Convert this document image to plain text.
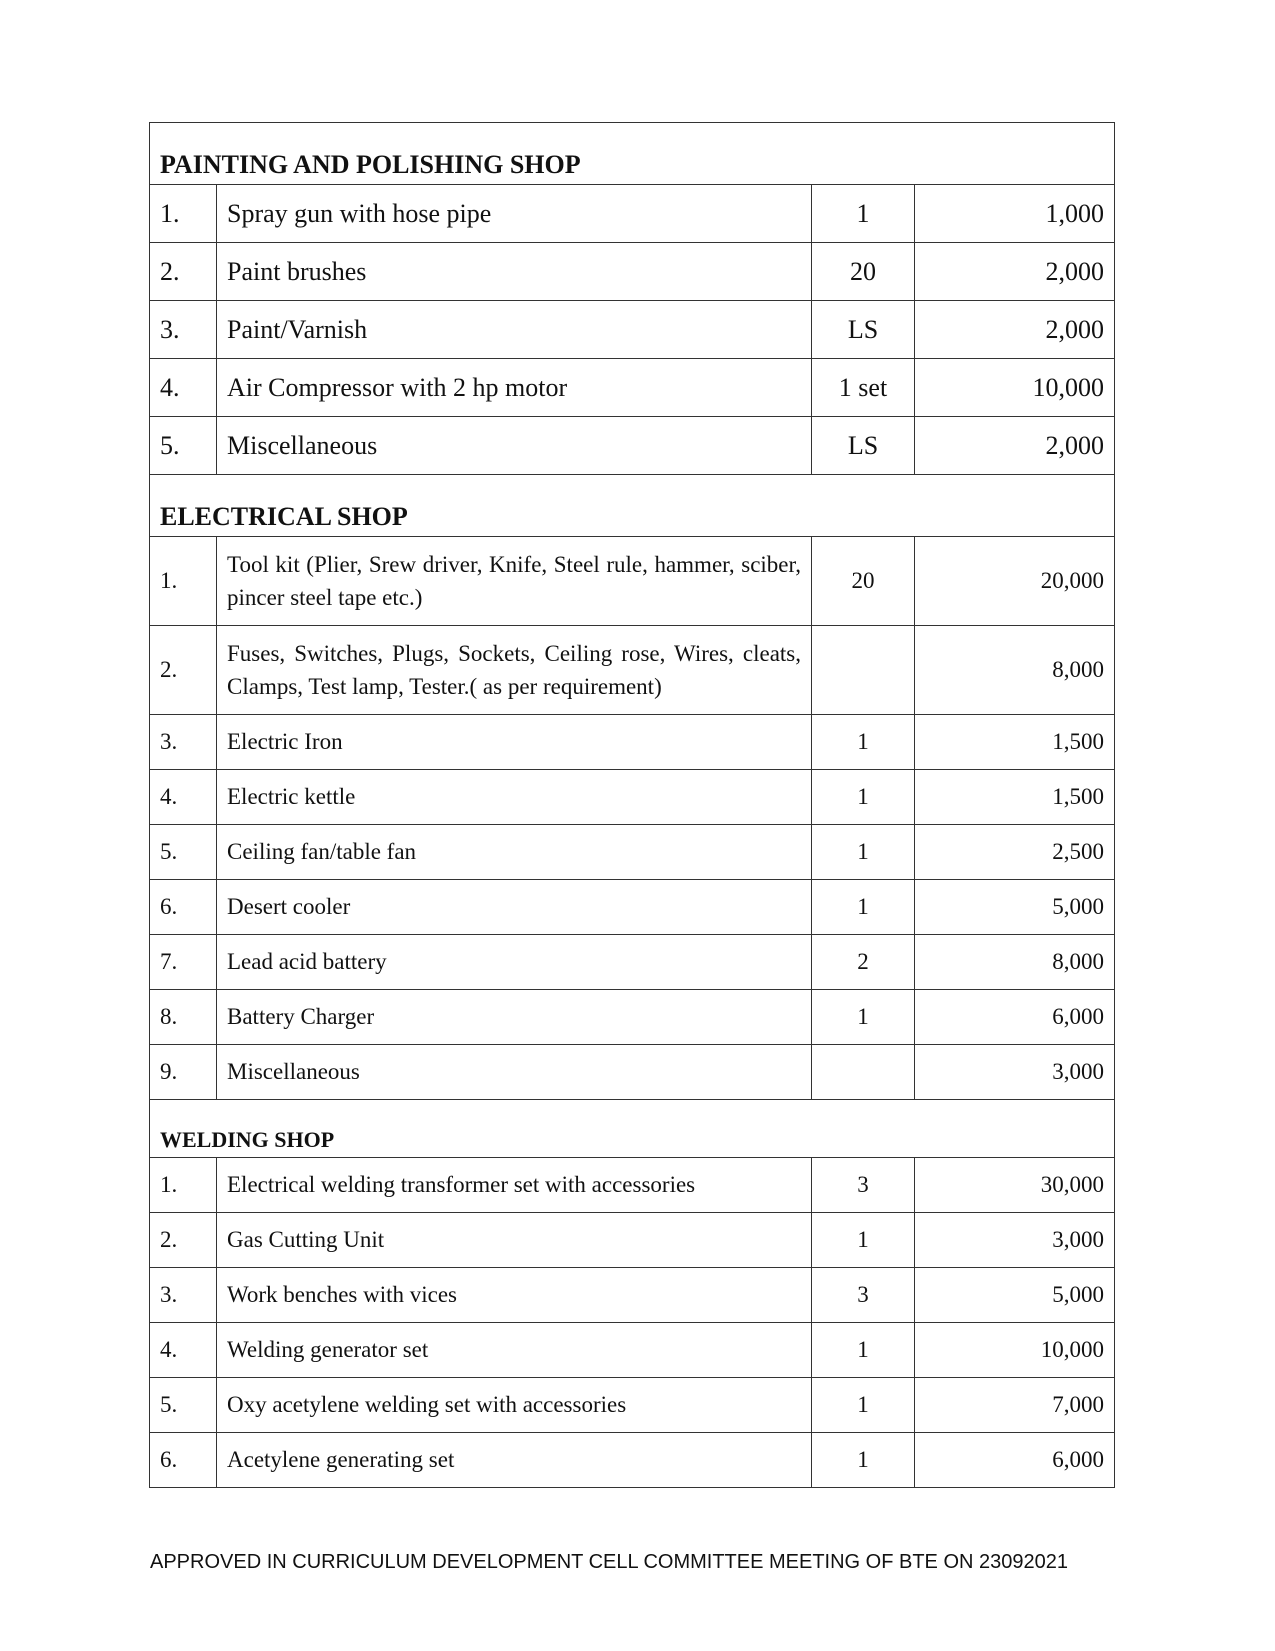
PAINTING AND POLISHING SHOP			
1.	Spray gun with hose pipe	1	1,000
2.	Paint brushes	20	2,000
3.	Paint/Varnish	LS	2,000
4.	Air Compressor with 2 hp motor	1 set	10,000
5.	Miscellaneous	LS	2,000
ELECTRICAL SHOP			
1.	Tool kit (Plier, Srew driver, Knife, Steel rule, hammer, sciber, pincer steel tape etc.)	20	20,000
2.	Fuses, Switches, Plugs, Sockets, Ceiling rose, Wires, cleats, Clamps, Test lamp, Tester.( as per requirement)		8,000
3.	Electric Iron	1	1,500
4.	Electric kettle	1	1,500
5.	Ceiling fan/table fan	1	2,500
6.	Desert cooler	1	5,000
7.	Lead acid battery	2	8,000
8.	Battery Charger	1	6,000
9.	Miscellaneous		3,000
WELDING SHOP			
1.	Electrical welding transformer set with accessories	3	30,000
2.	Gas Cutting Unit	1	3,000
3.	Work benches with vices	3	5,000
4.	Welding generator set	1	10,000
5.	Oxy acetylene welding set with accessories	1	7,000
6.	Acetylene generating set	1	6,000
APPROVED IN CURRICULUM DEVELOPMENT CELL COMMITTEE MEETING OF BTE ON 23092021
